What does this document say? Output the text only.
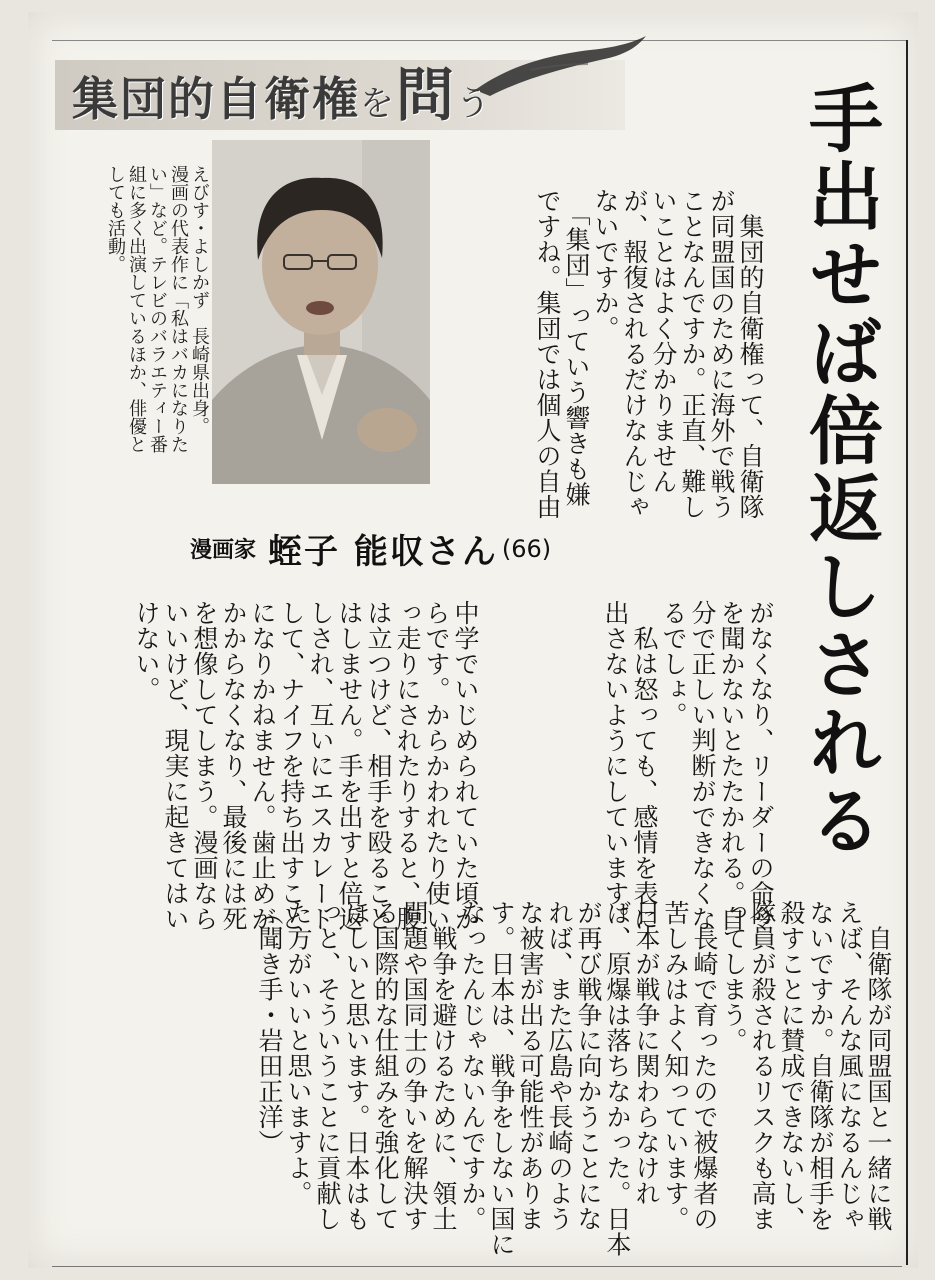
集団的自衛権を問う	手出せば倍返しされる

　集団的自衛権って、自衛隊

が同盟国のために海外で戦う

ことなんですか。正直、難し

いことはよく分かりません

が、報復されるだけなんじゃ

ないですか。

　「集団」っていう響きも嫌

ですね。集団では個人の自由

えびす・よしかず　長崎県出身。

漫画の代表作に「私はバカになりた

い」など。テレビのバラエティー番

組に多く出演しているほか、俳優と

しても活動。

漫画家 蛭子 能収さん (66)

がなくなり、リーダーの命令

を聞かないとたたかれる。自

分で正しい判断ができなくな

るでしょ。

　私は怒っても、感情を表に

出さないようにしています。

中学でいじめられていた頃か

らです。からかわれたり使い

っ走りにされたりすると、腹

は立つけど、相手を殴ること

はしません。手を出すと倍返

しされ、互いにエスカレート

して、ナイフを持ち出すこと

になりかねません。歯止めが

かからなくなり、最後には死

を想像してしまう。漫画なら

いいけど、現実に起きてはい

けない。

　自衛隊が同盟国と一緒に戦

えば、そんな風になるんじゃ

ないですか。自衛隊が相手を

殺すことに賛成できないし、

隊員が殺されるリスクも高ま

ってしまう。

　長崎で育ったので被爆者の

苦しみはよく知っています。

日本が戦争に関わらなけれ

ば、原爆は落ちなかった。日本

が再び戦争に向かうことにな

れば、また広島や長崎のよう

な被害が出る可能性がありま

す。日本は、戦争をしない国に

なったんじゃないんですか。

　戦争を避けるために、領土

問題や国同士の争いを解決す

る国際的な仕組みを強化して

ほしいと思います。日本はも

っと、そういうことに貢献し

た方がいいと思いますよ。

（聞き手・岩田正洋）
